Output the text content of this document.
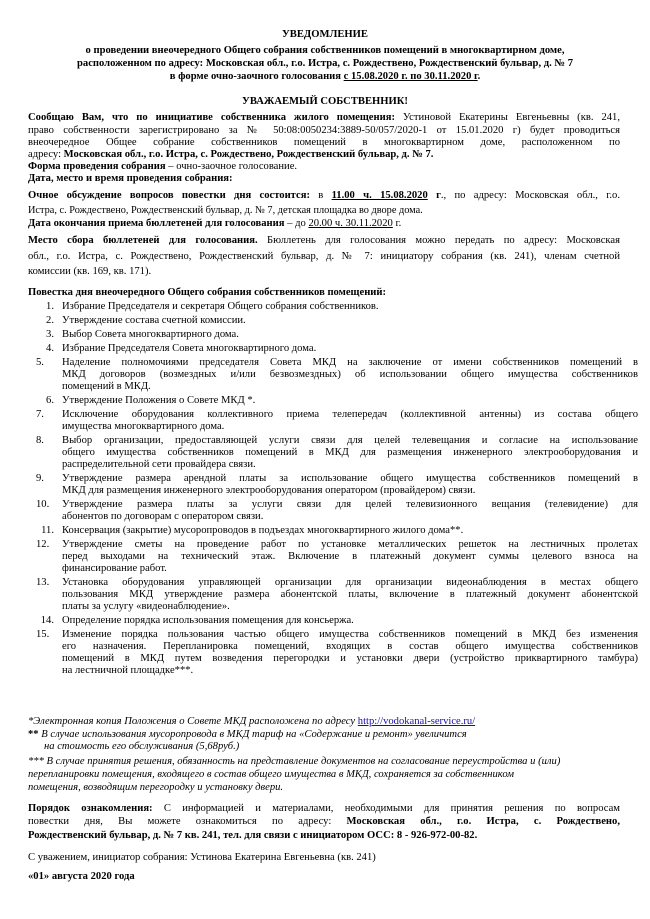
УВЕДОМЛЕНИЕ
о проведении внеочередного Общего собрания собственников помещений в многоквартирном доме,
расположенном по адресу: Московская обл., г.о. Истра, с. Рождествено, Рождественский бульвар, д. № 7
в форме очно-заочного голосования с 15.08.2020 г. по 30.11.2020 г.
УВАЖАЕМЫЙ СОБСТВЕННИК!
Сообщаю Вам, что по инициативе собственника жилого помещения: Устиновой Екатерины Евгеньевны (кв. 241,
право собственности зарегистрировано за № 50:08:0050234:3889-50/057/2020-1 от 15.01.2020 г) будет проводиться
внеочередное Общее собрание собственников помещений в многоквартирном доме, расположенном по
адресу: Московская обл., г.о. Истра, с. Рождествено, Рождественский бульвар, д. № 7.
Форма проведения собрания – очно-заочное голосование.
Дата, место и время проведения собрания:
Очное обсуждение вопросов повестки дня состоится: в 11.00 ч. 15.08.2020 г., по адресу: Московская обл., г.о.
Истра, с. Рождествено, Рождественский бульвар, д. № 7, детская площадка во дворе дома.
Дата окончания приема бюллетеней для голосования – до 20.00 ч. 30.11.2020 г.
Место сбора бюллетеней для голосования. Бюллетень для голосования можно передать по адресу: Московская
обл., г.о. Истра, с. Рождествено, Рождественский бульвар, д. № 7: инициатору собрания (кв. 241), членам счетной
комиссии (кв. 169, кв. 171).
Повестка дня внеочередного Общего собрания собственников помещений:
1. Избрание Председателя и секретаря Общего собрания собственников.
2. Утверждение состава счетной комиссии.
3. Выбор Совета многоквартирного дома.
4. Избрание Председателя Совета многоквартирного дома.
5.	Наделение полномочиями председателя Совета МКД на заключение от имени собственников помещений в
МКД договоров (возмездных и/или безвозмездных) об использовании общего имущества собственников
помещений в МКД.
6. Утверждение Положения о Совете МКД *.
7.	Исключение оборудования коллективного приема телепередач (коллективной антенны) из состава общего
имущества многоквартирного дома.
8.	Выбор организации, предоставляющей услуги связи для целей телевещания и согласие на использование
общего имущества собственников помещений в МКД для размещения инженерного электрооборудования и
распределительной сети провайдера связи.
9.	Утверждение размера арендной платы за использование общего имущества собственников помещений в
МКД для размещения инженерного электрооборудования оператором (провайдером) связи.
10.	Утверждение размера платы за услуги связи для целей телевизионного вещания (телевидение) для
абонентов по договорам с оператором связи.
11. Консервация (закрытие) мусоропроводов в подъездах многоквартирного жилого дома**.
12.	Утверждение сметы на проведение работ по установке металлических решеток на лестничных пролетах
перед выходами на технический этаж. Включение в платежный документ суммы целевого взноса на
финансирование работ.
13.	Установка оборудования управляющей организации для организации видеонаблюдения в местах общего
пользования МКД утверждение размера абонентской платы, включение в платежный документ абонентской
платы за услугу «видеонаблюдение».
14. Определение порядка использования помещения для консьержа.
15.	Изменение порядка пользования частью общего имущества собственников помещений в МКД без изменения
его назначения. Перепланировка помещений, входящих в состав общего имущества собственников
помещений в МКД путем возведения перегородки и установки двери (устройство приквартирного тамбура)
на лестничной площадке***.
*Электронная копия Положения о Совете МКД расположена по адресу http://vodokanal-service.ru/
** В случае использования мусоропровода в МКД тариф на «Содержание и ремонт» увеличится
на стоимость его обслуживания (5,68руб.)
*** В случае принятия решения, обязанность на представление документов на согласование переустройства и (или)
перепланировки помещения, входящего в состав общего имущества в МКД, сохраняется за собственником
помещения, возводящим перегородку и установку двери.
Порядок ознакомления: С информацией и материалами, необходимыми для принятия решения по вопросам
повестки дня, Вы можете ознакомиться по адресу: Московская обл., г.о. Истра, с. Рождествено,
Рождественский бульвар, д. № 7 кв. 241, тел. для связи с инициатором ОСС: 8 - 926-972-00-82.
С уважением, инициатор собрания: Устинова Екатерина Евгеньевна (кв. 241)
«01» августа 2020 года
